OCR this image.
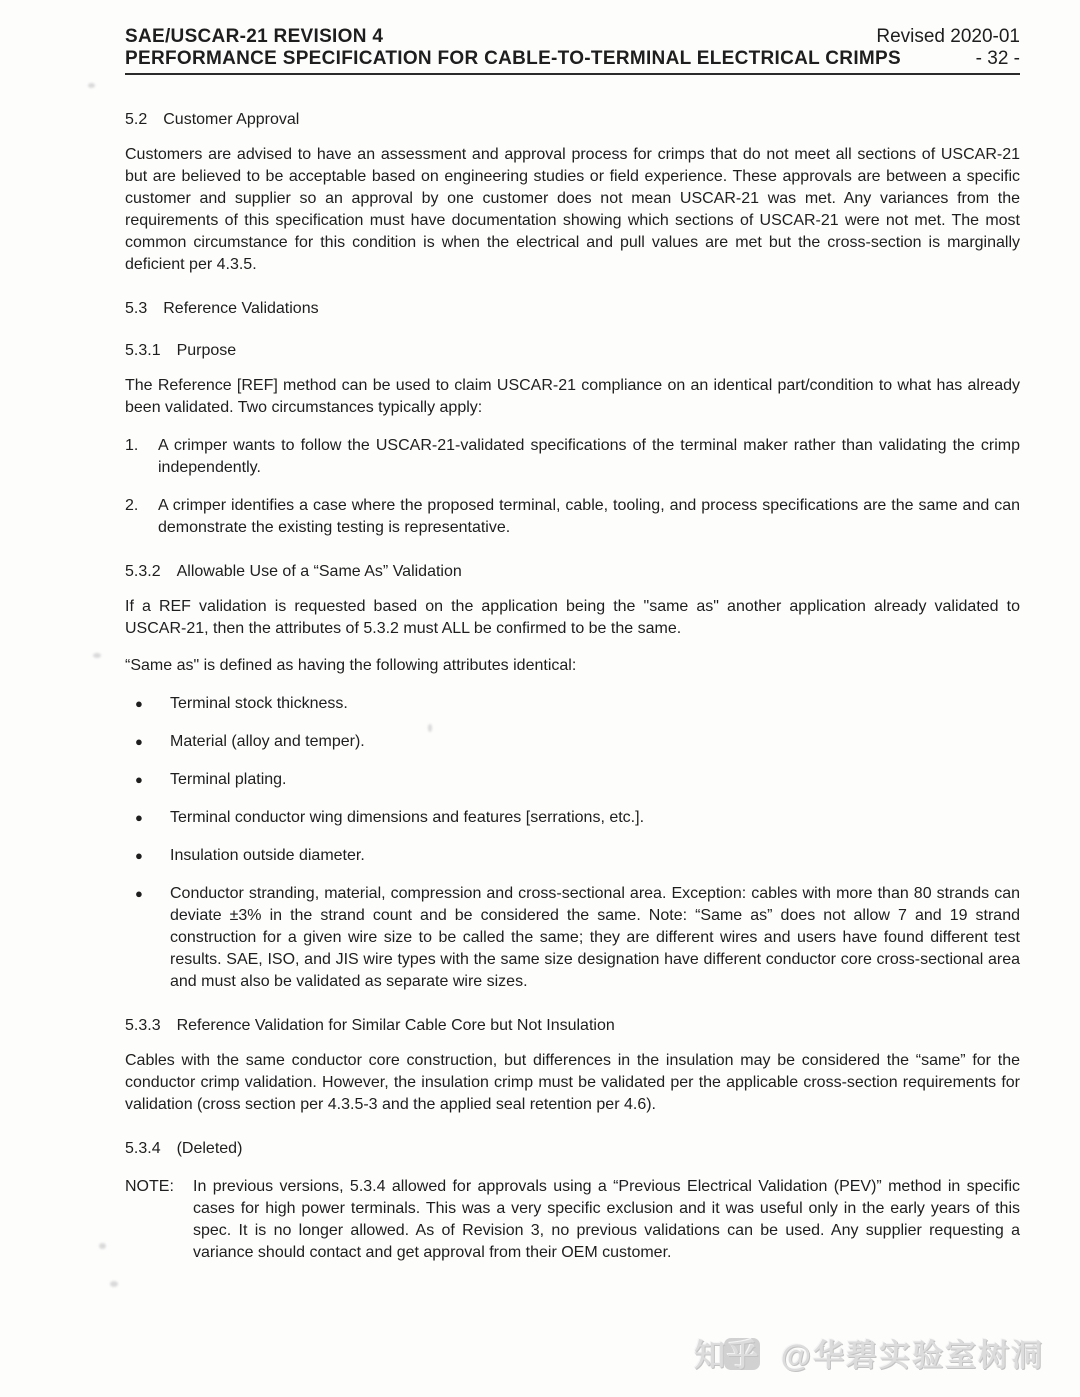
SAE/USCAR-21 REVISION 4	Revised 2020-01
PERFORMANCE SPECIFICATION FOR CABLE-TO-TERMINAL ELECTRICAL CRIMPS	- 32 -
5.2 Customer Approval

Customers are advised to have an assessment and approval process for crimps that do not meet all sections of USCAR-21 but are believed to be acceptable based on engineering studies or field experience. These approvals are between a specific customer and supplier so an approval by one customer does not mean USCAR-21 was met. Any variances from the requirements of this specification must have documentation showing which sections of USCAR-21 were not met. The most common circumstance for this condition is when the electrical and pull values are met but the cross-section is marginally deficient per 4.3.5.

5.3 Reference Validations
5.3.1 Purpose

The Reference [REF] method can be used to claim USCAR-21 compliance on an identical part/condition to what has already been validated. Two circumstances typically apply:

1.	A crimper wants to follow the USCAR-21-validated specifications of the terminal maker rather than validating the crimp independently.
2.	A crimper identifies a case where the proposed terminal, cable, tooling, and process specifications are the same and can demonstrate the existing testing is representative.
5.3.2 Allowable Use of a “Same As” Validation

If a REF validation is requested based on the application being the "same as" another application already validated to USCAR-21, then the attributes of 5.3.2 must ALL be confirmed to be the same.

“Same as" is defined as having the following attributes identical:

●	Terminal stock thickness.
●	Material (alloy and temper).
●	Terminal plating.
●	Terminal conductor wing dimensions and features [serrations, etc.].
●	Insulation outside diameter.
●	Conductor stranding, material, compression and cross-sectional area. Exception: cables with more than 80 strands can deviate ±3% in the strand count and be considered the same. Note: “Same as” does not allow 7 and 19 strand construction for a given wire size to be called the same; they are different wires and users have found different test results. SAE, ISO, and JIS wire types with the same size designation have different conductor core cross-sectional area and must also be validated as separate wire sizes.
5.3.3 Reference Validation for Similar Cable Core but Not Insulation

Cables with the same conductor core construction, but differences in the insulation may be considered the “same” for the conductor crimp validation. However, the insulation crimp must be validated per the applicable cross-section requirements for validation (cross section per 4.3.5-3 and the applied seal retention per 4.6).

5.3.4 (Deleted)
NOTE:	In previous versions, 5.3.4 allowed for approvals using a “Previous Electrical Validation (PEV)” method in specific cases for high power terminals. This was a very specific exclusion and it was useful only in the early years of this spec. It is no longer allowed. As of Revision 3, no previous validations can be used. Any supplier requesting a variance should contact and get approval from their OEM customer.
知乎 @华碧实验室树洞
